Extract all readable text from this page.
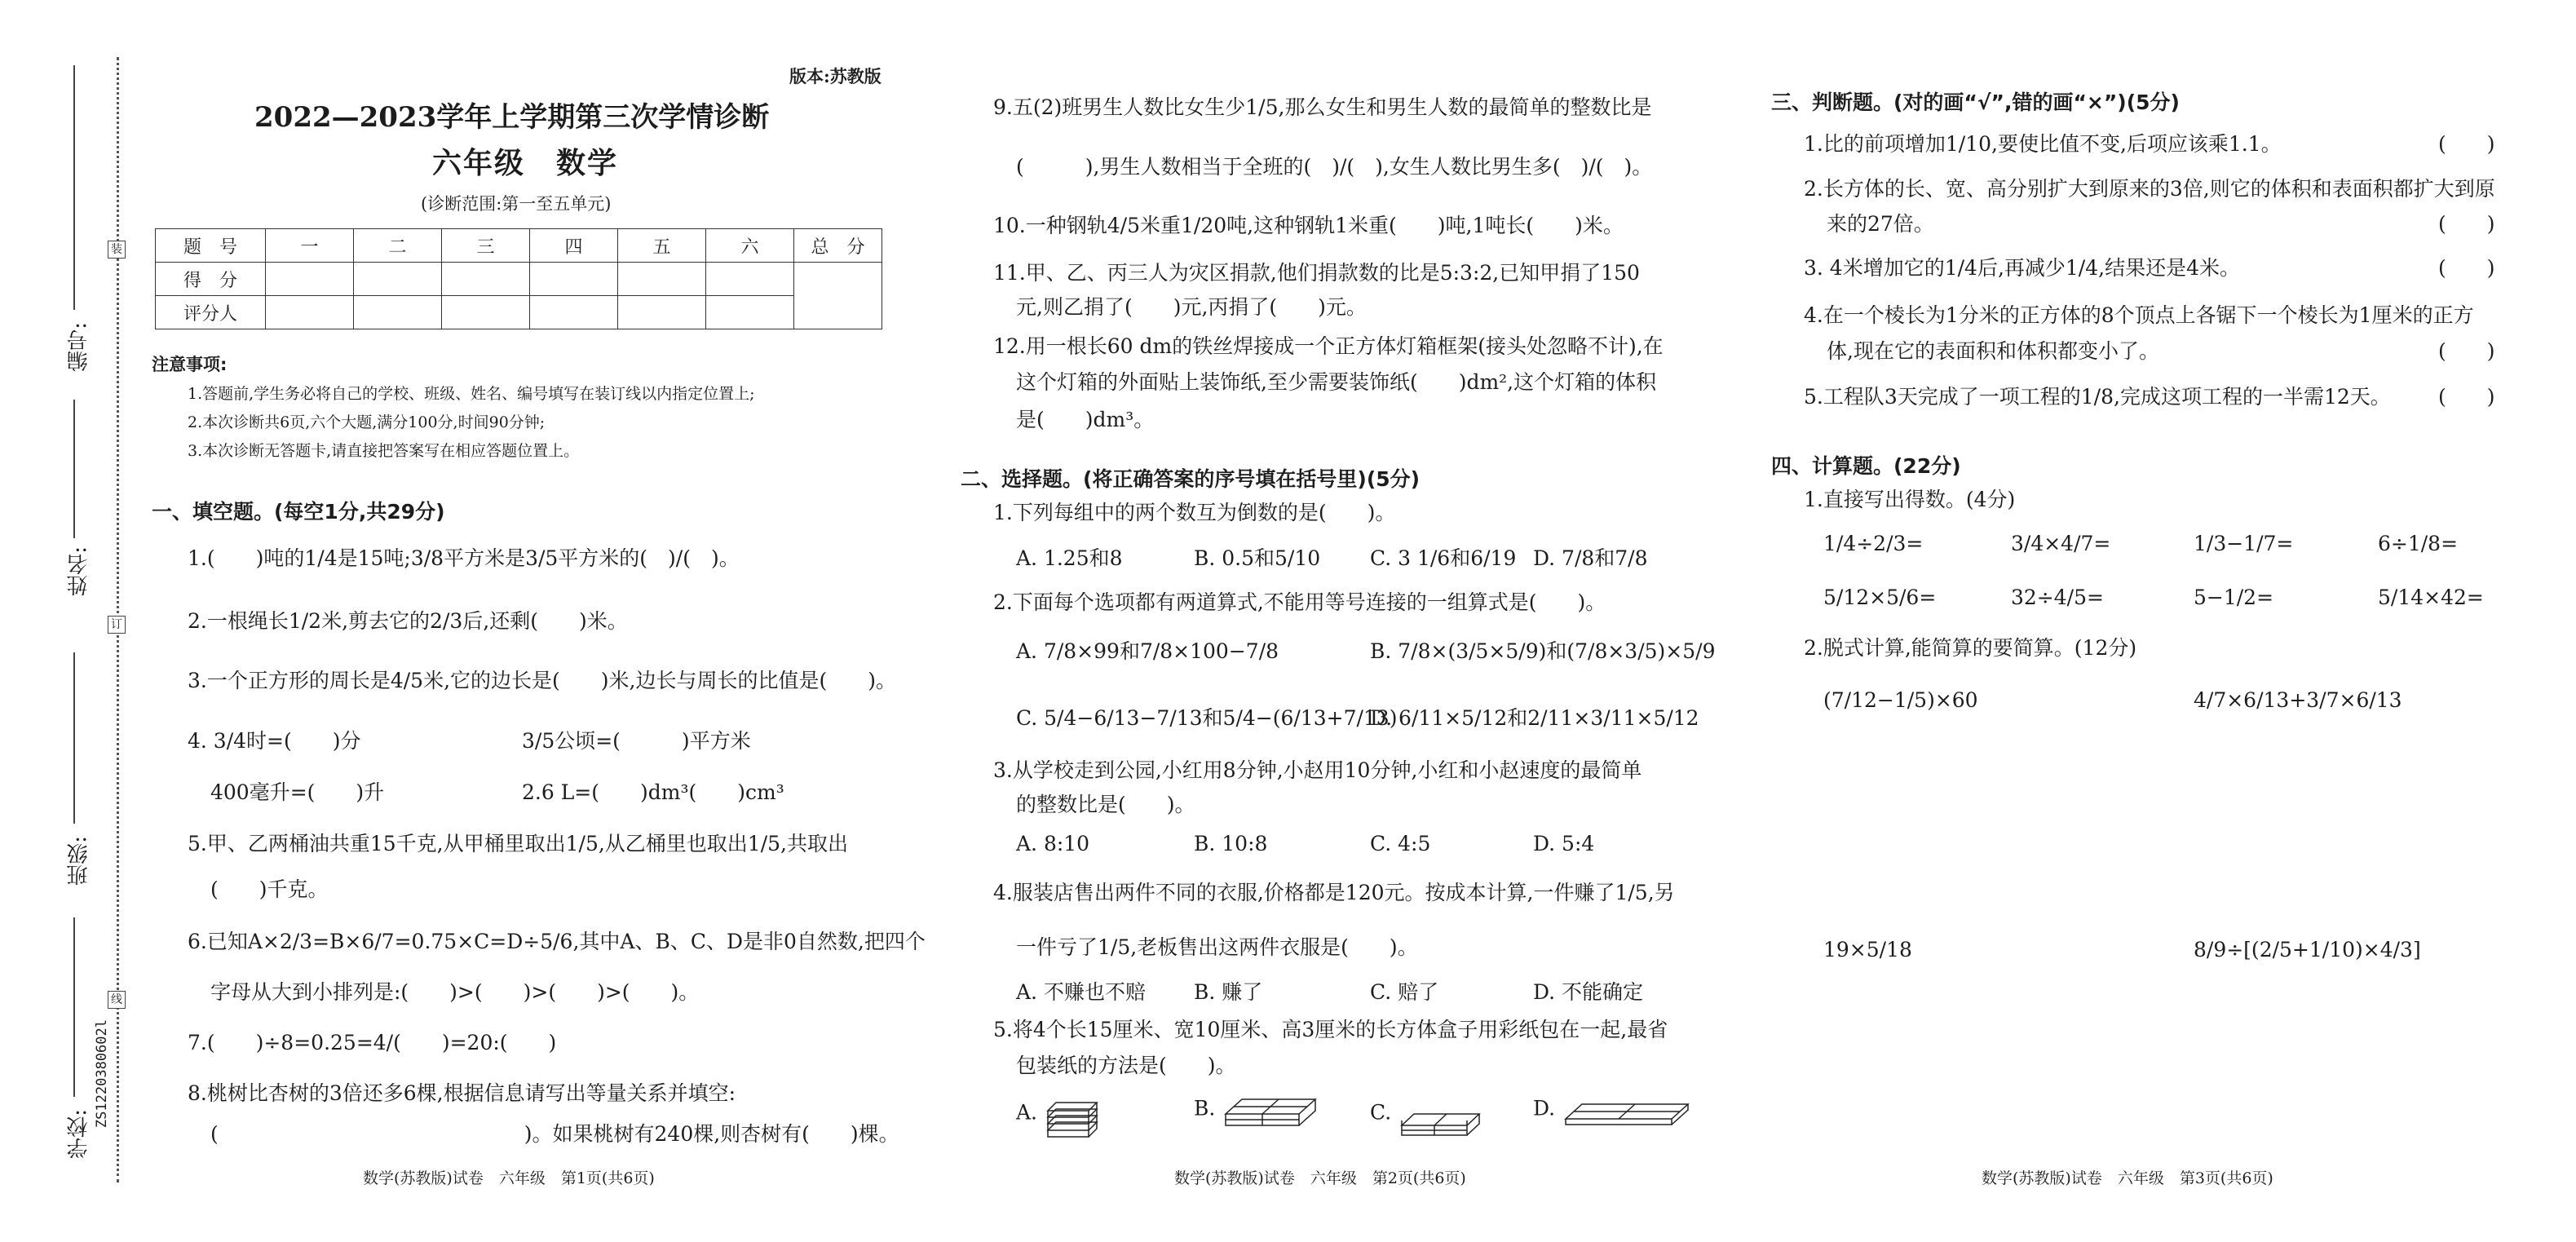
装
订
线
编号:
姓名:
班级:
学校:
ZS1220380602l
版本:苏教版
2022—2023学年上学期第三次学情诊断
六年级　数学
(诊断范围:第一至五单元)
题　号	一	二	三	四	五	六	总　分
得　分							
评分人							
注意事项:
1.答题前,学生务必将自己的学校、班级、姓名、编号填写在装订线以内指定位置上;
2.本次诊断共6页,六个大题,满分100分,时间90分钟;
3.本次诊断无答题卡,请直接把答案写在相应答题位置上。
一、填空题。(每空1分,共29分)
1.(　　)吨的1/4是15吨;3/8平方米是3/5平方米的(　)/(　)。
2.一根绳长1/2米,剪去它的2/3后,还剩(　　)米。
3.一个正方形的周长是4/5米,它的边长是(　　)米,边长与周长的比值是(　　)。
4. 3/4时=(　　)分	3/5公顷=(　　　)平方米
400毫升=(　　)升	2.6 L=(　　)dm³(　　)cm³
5.甲、乙两桶油共重15千克,从甲桶里取出1/5,从乙桶里也取出1/5,共取出
(　　)千克。
6.已知A×2/3=B×6/7=0.75×C=D÷5/6,其中A、B、C、D是非0自然数,把四个
字母从大到小排列是:(　　)>(　　)>(　　)>(　　)。
7.(　　)÷8=0.25=4/(　　)=20:(　　)
8.桃树比杏树的3倍还多6棵,根据信息请写出等量关系并填空:
(　　　　　　　　　　　　　　　)。如果桃树有240棵,则杏树有(　　)棵。
数学(苏教版)试卷　六年级　第1页(共6页)
9.五(2)班男生人数比女生少1/5,那么女生和男生人数的最简单的整数比是
(　　　),男生人数相当于全班的(　)/(　),女生人数比男生多(　)/(　)。
10.一种钢轨4/5米重1/20吨,这种钢轨1米重(　　)吨,1吨长(　　)米。
11.甲、乙、丙三人为灾区捐款,他们捐款数的比是5:3:2,已知甲捐了150
元,则乙捐了(　　)元,丙捐了(　　)元。
12.用一根长60 dm的铁丝焊接成一个正方体灯箱框架(接头处忽略不计),在
这个灯箱的外面贴上装饰纸,至少需要装饰纸(　　)dm²,这个灯箱的体积
是(　　)dm³。
二、选择题。(将正确答案的序号填在括号里)(5分)
1.下列每组中的两个数互为倒数的是(　　)。
A. 1.25和8	B. 0.5和5/10 C. 3 1/6和6/19 D. 7/8和7/8
2.下面每个选项都有两道算式,不能用等号连接的一组算式是(　　)。
A. 7/8×99和7/8×100−7/8	B. 7/8×(3/5×5/9)和(7/8×3/5)×5/9
C. 5/4−6/13−7/13和5/4−(6/13+7/13)
D. 6/11×5/12和2/11×3/11×5/12
3.从学校走到公园,小红用8分钟,小赵用10分钟,小红和小赵速度的最简单
的整数比是(　　)。
A. 8:10	B. 10:8	C. 4:5	D. 5:4
4.服装店售出两件不同的衣服,价格都是120元。按成本计算,一件赚了1/5,另
一件亏了1/5,老板售出这两件衣服是(　　)。
A. 不赚也不赔 B. 赚了	C. 赔了	D. 不能确定
5.将4个长15厘米、宽10厘米、高3厘米的长方体盒子用彩纸包在一起,最省
包装纸的方法是(　　)。
A.	B.	C.	D.
数学(苏教版)试卷　六年级　第2页(共6页)
三、判断题。(对的画“√”,错的画“×”)(5分)
1.比的前项增加1/10,要使比值不变,后项应该乘1.1。	(　　)
2.长方体的长、宽、高分别扩大到原来的3倍,则它的体积和表面积都扩大到原
来的27倍。	(　　)
3. 4米增加它的1/4后,再减少1/4,结果还是4米。	(　　)
4.在一个棱长为1分米的正方体的8个顶点上各锯下一个棱长为1厘米的正方
体,现在它的表面积和体积都变小了。	(　　)
5.工程队3天完成了一项工程的1/8,完成这项工程的一半需12天。 (　　)
四、计算题。(22分)
1.直接写出得数。(4分)
1/4÷2/3=	3/4×4/7=	1/3−1/7=	6÷1/8=
5/12×5/6=	32÷4/5=	5−1/2=	5/14×42=
2.脱式计算,能简算的要简算。(12分)
(7/12−1/5)×60	4/7×6/13+3/7×6/13
19×5/18	8/9÷[(2/5+1/10)×4/3]
数学(苏教版)试卷　六年级　第3页(共6页)
